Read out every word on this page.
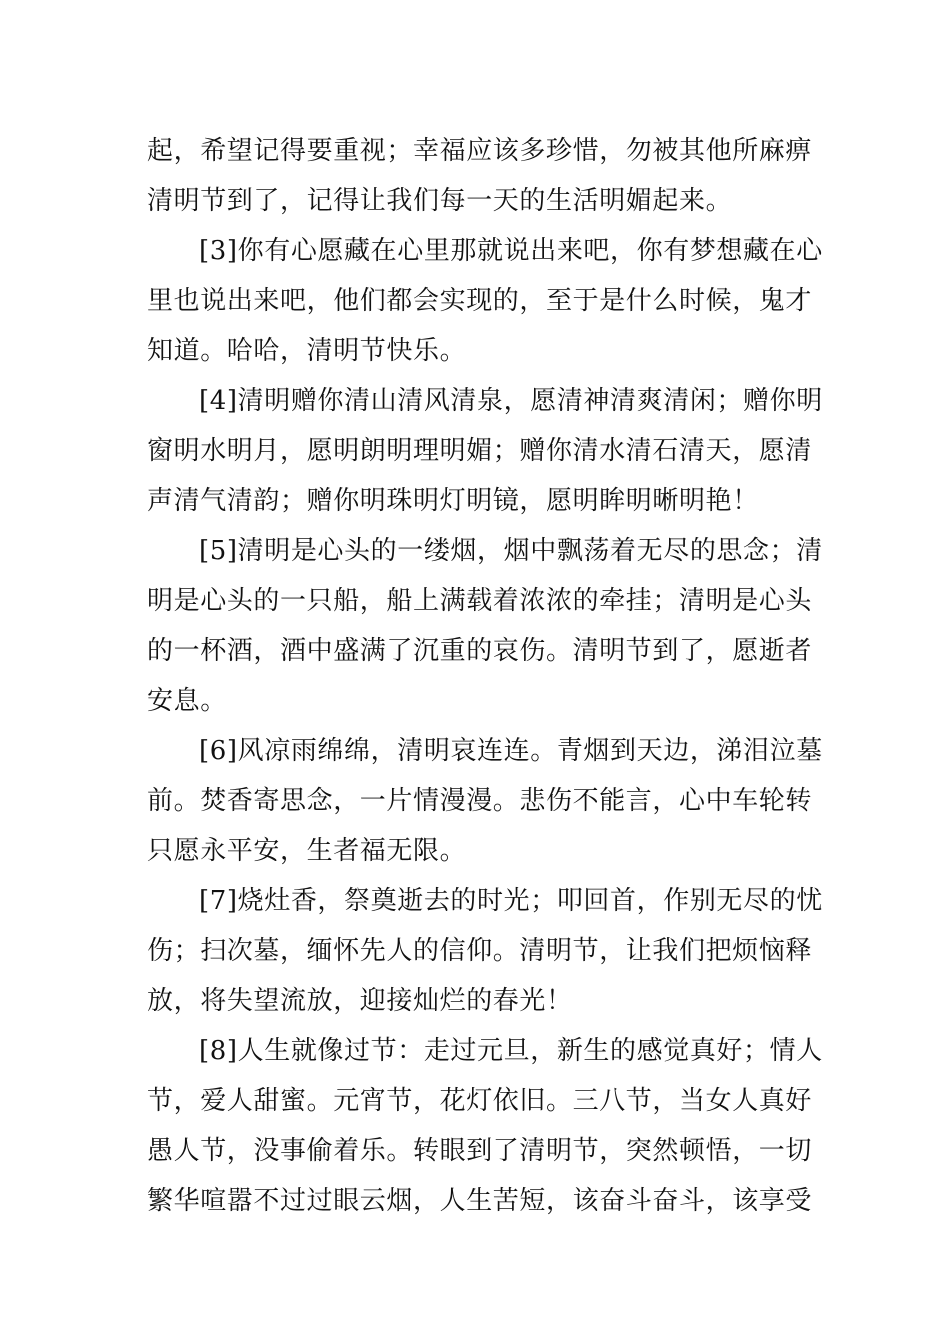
起，希望记得要重视；幸福应该多珍惜，勿被其他所麻痹
清明节到了，记得让我们每一天的生活明媚起来。
[3]你有心愿藏在心里那就说出来吧，你有梦想藏在心
里也说出来吧，他们都会实现的，至于是什么时候，鬼才
知道。哈哈，清明节快乐。
[4]清明赠你清山清风清泉，愿清神清爽清闲；赠你明
窗明水明月，愿明朗明理明媚；赠你清水清石清天，愿清
声清气清韵；赠你明珠明灯明镜，愿明眸明晰明艳！
[5]清明是心头的一缕烟，烟中飘荡着无尽的思念；清
明是心头的一只船，船上满载着浓浓的牵挂；清明是心头
的一杯酒，酒中盛满了沉重的哀伤。清明节到了，愿逝者
安息。
[6]风凉雨绵绵，清明哀连连。青烟到天边，涕泪泣墓
前。焚香寄思念，一片情漫漫。悲伤不能言，心中车轮转
只愿永平安，生者福无限。
[7]烧灶香，祭奠逝去的时光；叩回首，作别无尽的忧
伤；扫次墓，缅怀先人的信仰。清明节，让我们把烦恼释
放，将失望流放，迎接灿烂的春光！
[8]人生就像过节：走过元旦，新生的感觉真好；情人
节，爱人甜蜜。元宵节，花灯依旧。三八节，当女人真好
愚人节，没事偷着乐。转眼到了清明节，突然顿悟，一切
繁华喧嚣不过过眼云烟，人生苦短，该奋斗奋斗，该享受
